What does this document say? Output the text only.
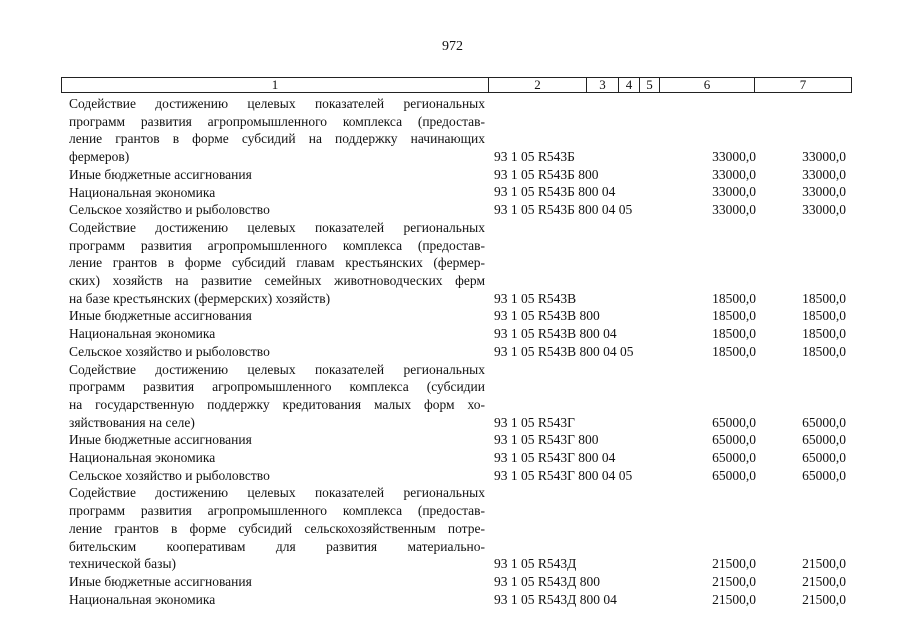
972
1	2	3	4	5	6	7
Содействие достижению целевых показателей региональных
программ развития агропромышленного комплекса (предостав-
ление грантов в форме субсидий на поддержку начинающих
фермеров)	93 1 05 R543Б	33000,0	33000,0
Иные бюджетные ассигнования	93 1 05 R543Б 800	33000,0	33000,0
Национальная экономика	93 1 05 R543Б 800 04	33000,0	33000,0
Сельское хозяйство и рыболовство	93 1 05 R543Б 800 04 05	33000,0	33000,0
Содействие достижению целевых показателей региональных
программ развития агропромышленного комплекса (предостав-
ление грантов в форме субсидий главам крестьянских (фермер-
ских) хозяйств на развитие семейных животноводческих ферм
на базе крестьянских (фермерских) хозяйств)	93 1 05 R543В	18500,0	18500,0
Иные бюджетные ассигнования	93 1 05 R543В 800	18500,0	18500,0
Национальная экономика	93 1 05 R543В 800 04	18500,0	18500,0
Сельское хозяйство и рыболовство	93 1 05 R543В 800 04 05	18500,0	18500,0
Содействие достижению целевых показателей региональных
программ развития агропромышленного комплекса (субсидии
на государственную поддержку кредитования малых форм хо-
зяйствования на селе)	93 1 05 R543Г	65000,0	65000,0
Иные бюджетные ассигнования	93 1 05 R543Г 800	65000,0	65000,0
Национальная экономика	93 1 05 R543Г 800 04	65000,0	65000,0
Сельское хозяйство и рыболовство	93 1 05 R543Г 800 04 05	65000,0	65000,0
Содействие достижению целевых показателей региональных
программ развития агропромышленного комплекса (предостав-
ление грантов в форме субсидий сельскохозяйственным потре-
бительским кооперативам для развития материально-
технической базы)	93 1 05 R543Д	21500,0	21500,0
Иные бюджетные ассигнования	93 1 05 R543Д 800	21500,0	21500,0
Национальная экономика	93 1 05 R543Д 800 04	21500,0	21500,0
